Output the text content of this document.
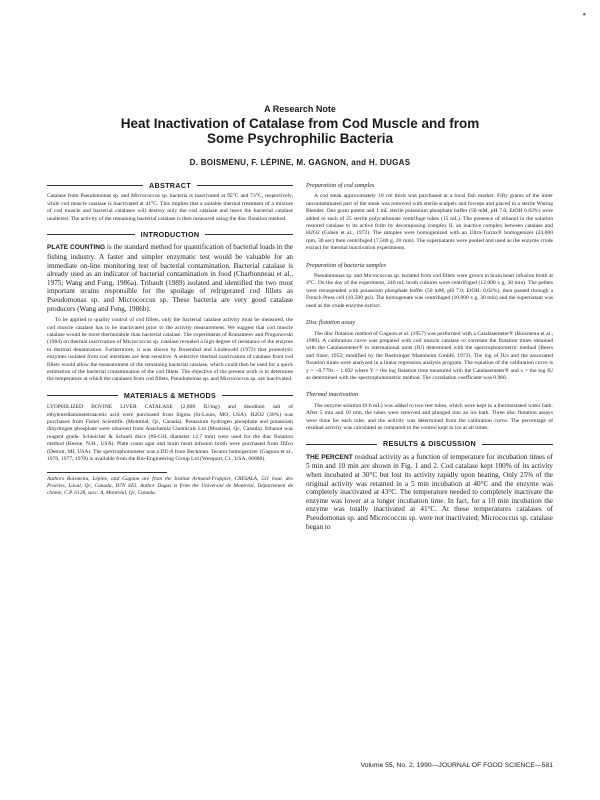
•
A Research Note
Heat Inactivation of Catalase from Cod Muscle and from
Some Psychrophilic Bacteria
D. BOISMENU, F. LÉPINE, M. GAGNON, and H. DUGAS
ABSTRACT

Catalase from Pseudomonas sp. and Micrococcus sp. bacteria is inactivated at 95°C and 73°C, respectively, while cod muscle catalase is inactivated at 41°C. This implies that a suitable thermal treatment of a mixture of cod muscle and bacterial catalases will destroy only the cod catalase and leave the bacterial catalase unaltered. The activity of the remaining bacterial catalase is then measured using the disc flotation method.

INTRODUCTION

PLATE COUNTING is the standard method for quantification of bacterial loads in the fishing industry. A faster and simpler enzymatic test would be valuable for an immediate on-line monitoring test of bacterial contamination. Bacterial catalase is already used as an indicator of bacterial contamination in food (Charbonneau et al., 1975; Wang and Fung, 1986a). Tribault (1989) isolated and identified the two most important strains responsible for the spoilage of refrigerated cod fillets as Pseudomonas sp. and Micrococcus sp. These bacteria are very good catalase producers (Wang and Fung, 1986b).

To be applied to quality control of cod fillets, only the bacterial catalase activity must be measured, the cod muscle catalase has to be inactivated prior to the activity measurement. We suggest that cod muscle catalase would be more thermolabile than bacterial catalase. The experiments of Romanteev and Progonovski (1984) on thermal inactivation of Micrococcus sp. catalase revealed a high degree of resistance of the enzyme to thermal denaturation. Furthermore, it was shown by Rosenthal and Lindewald (1972) that proteolytic enzymes isolated from cod intestines are heat sensitive. A selective thermal inactivation of catalase from cod fillets would allow the measurement of the remaining bacterial catalase, which could then be used for a quick estimation of the bacterial contamination of the cod fillets. The objective of the present work is to determine the temperature at which the catalases from cod fillets, Pseudomonas sp. and Micrococcus sp. are inactivated.

MATERIALS & METHODS

LYOPHILIZED BOVINE LIVER CATALASE (2,800 IU/mg) and disodium salt of ethylenediaminetetraacetic acid were purchased from Sigma (St-Louis, MO, USA). H2O2 (30%) was purchased from Fisher Scientific (Montréal, Qc, Canada). Potassium hydrogen phosphate and potassium dihydrogen phosphate were obtained from Anachemia Chemicals Ltd (Montréal, Qc, Canada). Ethanol was reagent grade. Schleicher & Schuell discs (#S-GH, diameter 12.7 mm) were used for the disc flotation method (Keene, N.H., USA). Plate count agar and brain heart infusion broth were purchased from Difco (Detroit, MI, USA). The spectrophotometer was a DU-8 from Beckman. Tecator homogenizer (Gagnon et al., 1976, 1977, 1978) is available from the Bio-Engineering Group Ltd (Westport, Ct., USA, 06880).

Authors Boismenu, Lépine, and Gagnon are from the Institut Armand-Frappier, CRESALA, 531 boul. des Prairies, Laval, Qc, Canada, H7N 4Z3. Author Dugas is from the Université de Montréal, Département de chimie, C.P. 6128, succ. A, Montréal, Qc, Canada.

Preparation of cod samples

A cod steak approximately 10 cm thick was purchased at a local fish market. Fifty grams of the inner uncontaminated part of the steak was removed with sterile scalpels and forceps and placed in a sterile Waring Blender. One gram potent and 1 mL sterile potassium phosphate buffer (50 mM, pH 7.0; EtOH 0.02%) were added to each of 25 sterile polycarbonate centrifuge tubes (15 mL). The presence of ethanol in the solution restored catalase to its active form by decomposing complex II, an inactive complex between catalase and H2O2 (Cohen et al., 1972). The samples were homogenized with an Ultra-Turrax® homogenizer (24,000 rpm, 30 sec) then centrifuged (7,500 g, 20 min). The supernatants were pooled and used as the enzyme crude extract for thermal inactivation experiments.

Preparation of bacteria samples

Pseudomonas sp. and Micrococcus sp. isolated from cod fillets were grown in brain heart infusion broth at 4°C. On the day of the experiment, 240 mL broth cultures were centrifuged (12,000 x g, 30 min). The pellets were resuspended with potassium phosphate buffer (50 mM, pH 7.0; EtOH: 0.02%), then passed through a French Press cell (10,500 psi). The homogenate was centrifuged (10,000 x g, 30 min) and the supernatant was used as the crude enzyme extract.

Disc flotation assay

The disc flotation method of Gagnon et al. (1957) was performed with a Catalasemeter® (Boismenu et al., 1989). A calibration curve was prepared with cod muscle catalase to correlate the flotation times obtained with the Catalasemeter® to international units (IU) determined with the spectrophotometric method (Beers and Sizer, 1952; modified by the Boehringer Mannheim GmbH, 1973). The log of IUs and the associated flotation times were analyzed in a linear regression analysis program. The equation of the calibration curve is y = −0.779x − 1.692 where Y = the log flotation time measured with the Catalasemeter® and x = the log IU as determined with the spectrophotometric method. The correlation coefficient was 0.966.

Thermal inactivation

The enzyme solution (0.6 mL) was added to two test tubes, which were kept in a thermostated water bath. After 5 min and 10 min, the tubes were removed and plunged into an ice bath. Three disc flotation assays were done for each tube, and the activity was determined from the calibration curve. The percentage of residual activity was calculated as compared to the control kept in ice at all times.

RESULTS & DISCUSSION

THE PERCENT residual activity as a function of temperature for incubation times of 5 min and 10 min are shown in Fig. 1 and 2. Cod catalase kept 100% of its activity when incubated at 30°C but lost its activity rapidly upon heating. Only 25% of the original activity was retained in a 5 min incubation at 40°C and the enzyme was completely inactivated at 43°C. The temperature needed to completely inactivate the enzyme was lower at a longer incubation time. In fact, for a 10 min incubation the enzyme was totally inactivated at 41°C. At these temperatures catalases of Pseudomonas sp. and Micrococcus sp. were not inactivated; Micrococcus sp. catalase began to

Volume 55, No. 2, 1990—JOURNAL OF FOOD SCIENCE—581
